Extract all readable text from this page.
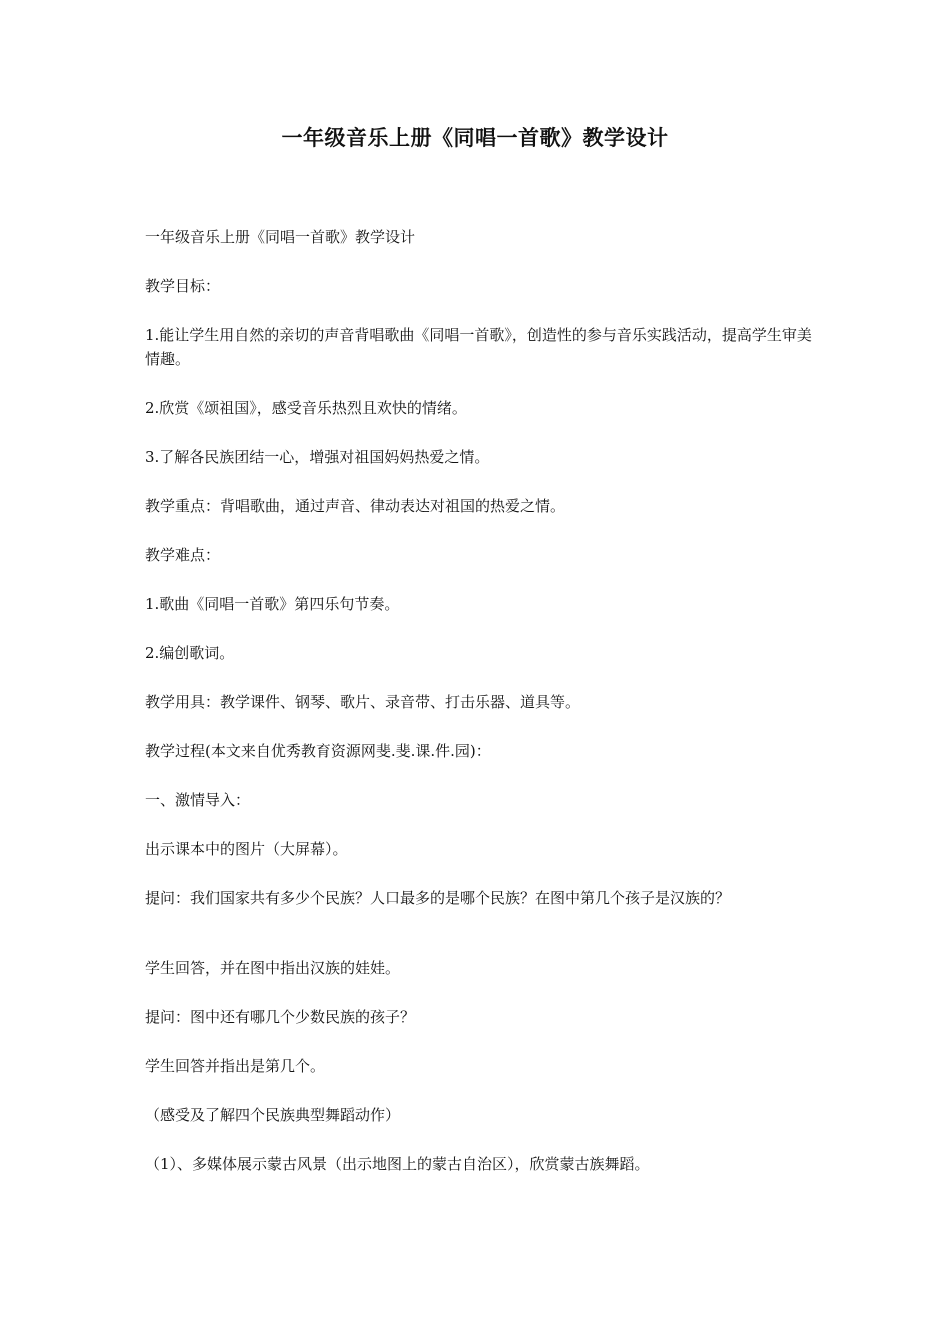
一年级音乐上册《同唱一首歌》教学设计

一年级音乐上册《同唱一首歌》教学设计

教学目标：

1.能让学生用自然的亲切的声音背唱歌曲《同唱一首歌》，创造性的参与音乐实践活动，提高学生审美情趣。

2.欣赏《颂祖国》，感受音乐热烈且欢快的情绪。

3.了解各民族团结一心，增强对祖国妈妈热爱之情。

教学重点：背唱歌曲，通过声音、律动表达对祖国的热爱之情。

教学难点：

1.歌曲《同唱一首歌》第四乐句节奏。

2.编创歌词。

教学用具：教学课件、钢琴、歌片、录音带、打击乐器、道具等。

教学过程(本文来自优秀教育资源网斐.斐.课.件.园)：

一、激情导入：

出示课本中的图片（大屏幕）。

提问：我们国家共有多少个民族？人口最多的是哪个民族？在图中第几个孩子是汉族的？

学生回答，并在图中指出汉族的娃娃。

提问：图中还有哪几个少数民族的孩子？

学生回答并指出是第几个。

（感受及了解四个民族典型舞蹈动作）

（1）、多媒体展示蒙古风景（出示地图上的蒙古自治区），欣赏蒙古族舞蹈。
